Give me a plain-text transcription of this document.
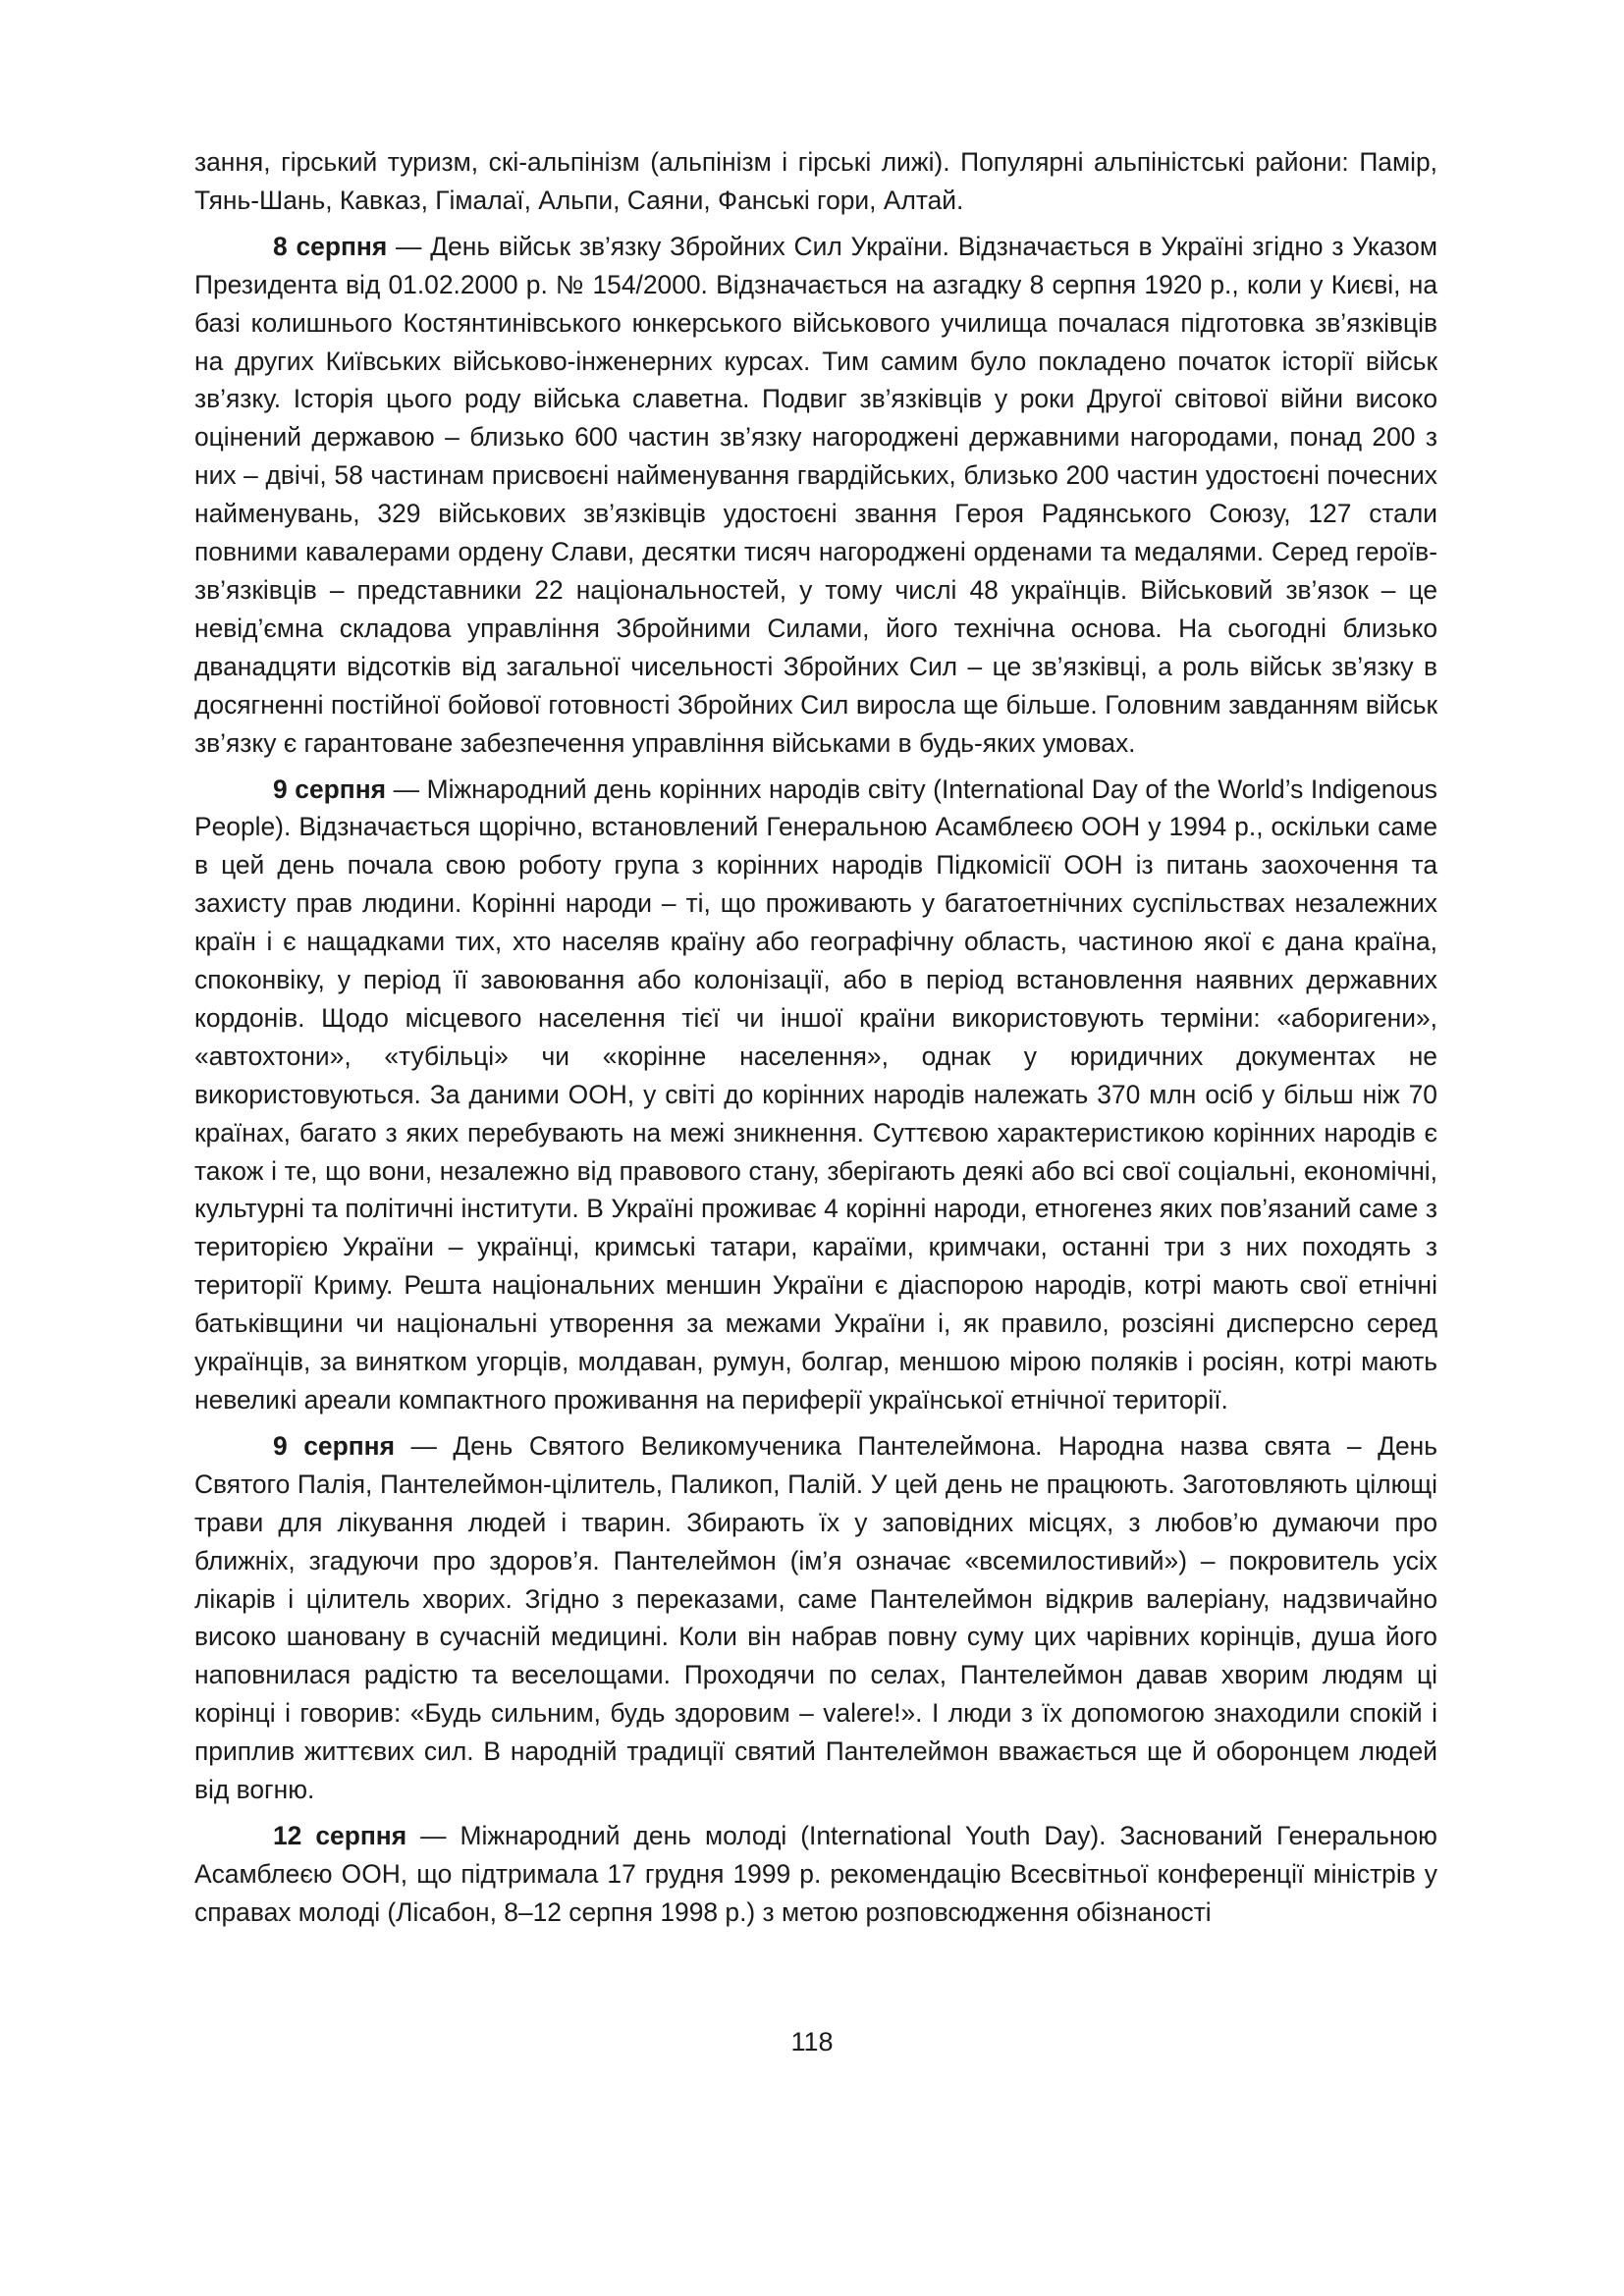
зання, гірський туризм, скі-альпінізм (альпінізм і гірські лижі). Популярні альпіністські райони: Памір, Тянь-Шань, Кавказ, Гімалаї, Альпи, Саяни, Фанські гори, Алтай.

8 серпня — День військ зв’язку Збройних Сил України. Відзначається в Україні згідно з Указом Президента від 01.02.2000 р. № 154/2000. Відзначається на азгадку 8 серпня 1920 р., коли у Києві, на базі колишнього Костянтинівського юнкерського військового училища почалася підготовка зв’язківців на других Київських військово-інженерних курсах. Тим самим було покладено початок історії військ зв’язку. Історія цього роду війська славетна. Подвиг зв’язківців у роки Другої світової війни високо оцінений державою – близько 600 частин зв’язку нагороджені державними нагородами, понад 200 з них – двічі, 58 частинам присвоєні найменування гвардійських, близько 200 частин удостоєні почесних найменувань, 329 військових зв’язківців удостоєні звання Героя Радянського Союзу, 127 стали повними кавалерами ордену Слави, десятки тисяч нагороджені орденами та медалями. Серед героїв-зв’язківців – представники 22 національностей, у тому числі 48 українців. Військовий зв’язок – це невід’ємна складова управління Збройними Силами, його технічна основа. На сьогодні близько дванадцяти відсотків від загальної чисельності Збройних Сил – це зв’язківці, а роль військ зв’язку в досягненні постійної бойової готовності Збройних Сил виросла ще більше. Головним завданням військ зв’язку є гарантоване забезпечення управління військами в будь-яких умовах.

9 серпня — Міжнародний день корінних народів світу (International Day of the World’s Indigenous People). Відзначається щорічно, встановлений Генеральною Асамблеєю ООН у 1994 р., оскільки саме в цей день почала свою роботу група з корінних народів Підкомісії ООН із питань заохочення та захисту прав людини. Корінні народи – ті, що проживають у багатоетнічних суспільствах незалежних країн і є нащадками тих, хто населяв країну або географічну область, частиною якої є дана країна, споконвіку, у період її завоювання або колонізації, або в період встановлення наявних державних кордонів. Щодо місцевого населення тієї чи іншої країни використовують терміни: «аборигени», «автохтони», «тубільці» чи «корінне населення», однак у юридичних документах не використовуються. За даними ООН, у світі до корінних народів належать 370 млн осіб у більш ніж 70 країнах, багато з яких перебувають на межі зникнення. Суттєвою характеристикою корінних народів є також і те, що вони, незалежно від правового стану, зберігають деякі або всі свої соціальні, економічні, культурні та політичні інститути. В Україні проживає 4 корінні народи, етногенез яких пов’язаний саме з територією України – українці, кримські татари, караїми, кримчаки, останні три з них походять з території Криму. Решта національних меншин України є діаспорою народів, котрі мають свої етнічні батьківщини чи національні утворення за межами України і, як правило, розсіяні дисперсно серед українців, за винятком угорців, молдаван, румун, болгар, меншою мірою поляків і росіян, котрі мають невеликі ареали компактного проживання на периферії української етнічної території.

9 серпня — День Святого Великомученика Пантелеймона. Народна назва свята – День Святого Палія, Пантелеймон-цілитель, Паликоп, Палій. У цей день не працюють. Заготовляють цілющі трави для лікування людей і тварин. Збирають їх у заповідних місцях, з любов’ю думаючи про ближніх, згадуючи про здоров’я. Пантелеймон (ім’я означає «всемилостивий») – покровитель усіх лікарів і цілитель хворих. Згідно з переказами, саме Пантелеймон відкрив валеріану, надзвичайно високо шановану в сучасній медицині. Коли він набрав повну суму цих чарівних корінців, душа його наповнилася радістю та веселощами. Проходячи по селах, Пантелеймон давав хворим людям ці корінці і говорив: «Будь сильним, будь здоровим – valere!». І люди з їх допомогою знаходили спокій і приплив життєвих сил. В народній традиції святий Пантелеймон вважається ще й оборонцем людей від вогню.

12 серпня — Міжнародний день молоді (International Youth Day). Заснований Генеральною Асамблеєю ООН, що підтримала 17 грудня 1999 р. рекомендацію Всесвітньої конференції міністрів у справах молоді (Лісабон, 8–12 серпня 1998 р.) з метою розповсюдження обізнаності

118
